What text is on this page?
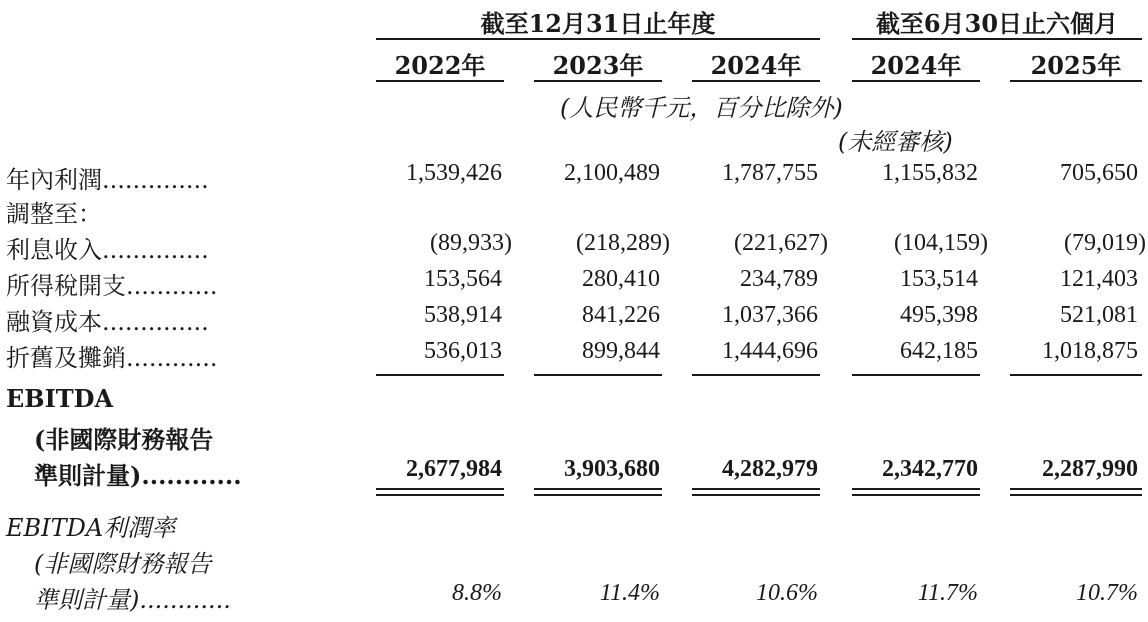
截至12月31日止年度	截至6月30日止六個月
2022年	2023年	2024年	2024年	2025年
(人民幣千元，百分比除外)
(未經審核)
年內利潤..............	1,539,426	2,100,489	1,787,755	1,155,832	705,650
調整至：
利息收入..............	(89,933)	(218,289)	(221,627)	(104,159)	(79,019)
所得稅開支............	153,564	280,410	234,789	153,514	121,403
融資成本..............	538,914	841,226	1,037,366	495,398	521,081
折舊及攤銷............	536,013	899,844	1,444,696	642,185	1,018,875
EBITDA
(非國際財務報告
準則計量)............	2,677,984	3,903,680	4,282,979	2,342,770	2,287,990
EBITDA利潤率
(非國際財務報告
準則計量)............	8.8%	11.4%	10.6%	11.7%	10.7%
